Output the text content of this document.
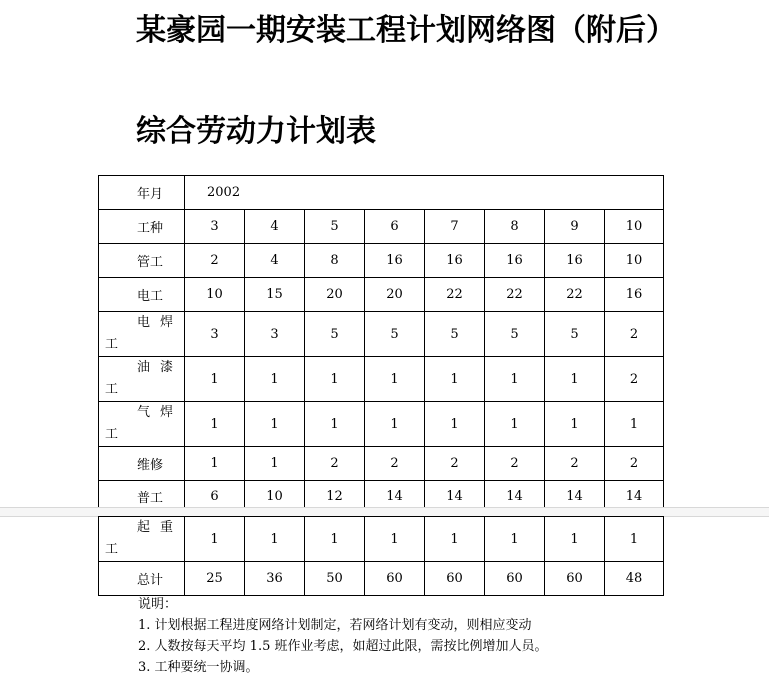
某豪园一期安装工程计划网络图（附后）
综合劳动力计划表
年月	2002							
工种	3	4	5	6	7	8	9	10
管工	2	4	8	16	16	16	16	10
电工	10	15	20	20	22	22	22	16

电焊
工	3	3	5	5	5	5	5	2

油漆
工	1	1	1	1	1	1	1	2

气焊
工	1	1	1	1	1	1	1	1
维修	1	1	2	2	2	2	2	2
普工	6	10	12	14	14	14	14	14
起重
工	1	1	1	1	1	1	1	1
总计	25	36	50	60	60	60	60	48
说明：
1. 计划根据工程进度网络计划制定，若网络计划有变动，则相应变动
2. 人数按每天平均 1.5 班作业考虑，如超过此限，需按比例增加人员。
3. 工种要统一协调。
